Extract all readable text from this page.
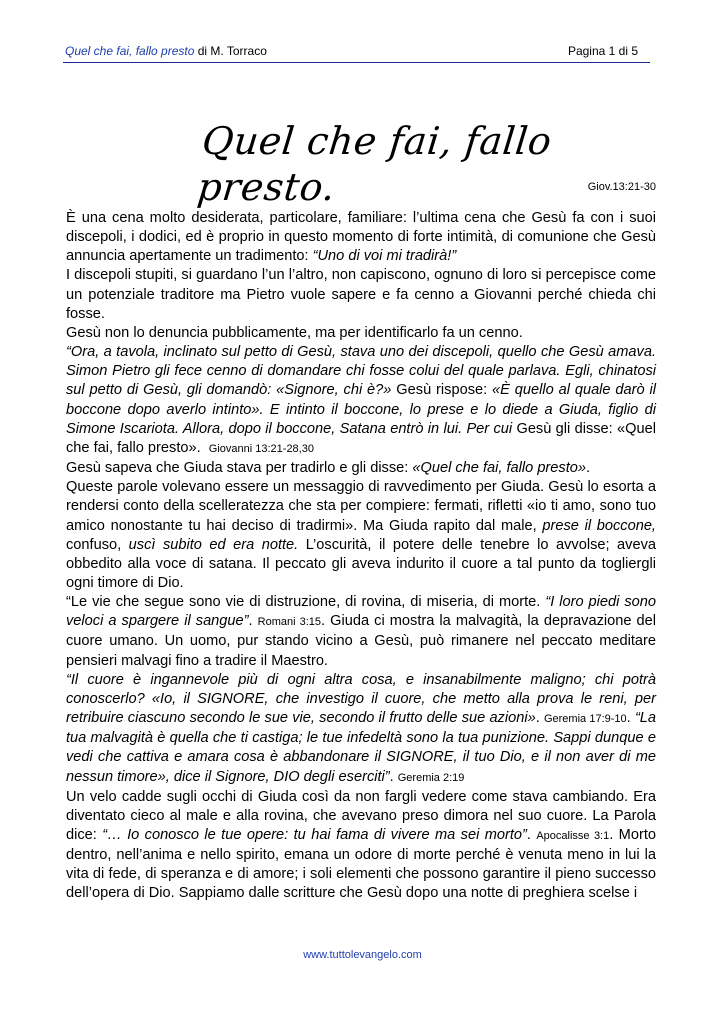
Quel che fai, fallo presto di M. Torraco	Pagina 1 di 5
Quel che fai, fallo presto.	Giov.13:21-30

È una cena molto desiderata, particolare, familiare: l’ultima cena che Gesù fa con i suoi discepoli, i dodici, ed è proprio in questo momento di forte intimità, di comunione che Gesù annuncia apertamente un tradimento: “Uno di voi mi tradirà!”

I discepoli stupiti, si guardano l’un l’altro, non capiscono, ognuno di loro si percepisce come un potenziale traditore ma Pietro vuole sapere e fa cenno a Giovanni perché chieda chi fosse.

Gesù non lo denuncia pubblicamente, ma per identificarlo fa un cenno.

“Ora, a tavola, inclinato sul petto di Gesù, stava uno dei discepoli, quello che Gesù amava. Simon Pietro gli fece cenno di domandare chi fosse colui del quale parlava. Egli, chinatosi sul petto di Gesù, gli domandò: «Signore, chi è?» Gesù rispose: «È quello al quale darò il boccone dopo averlo intinto». E intinto il boccone, lo prese e lo diede a Giuda, figlio di Simone Iscariota. Allora, dopo il boccone, Satana entrò in lui. Per cui Gesù gli disse: «Quel che fai, fallo presto». Giovanni 13:21-28,30

Gesù sapeva che Giuda stava per tradirlo e gli disse: «Quel che fai, fallo presto».

Queste parole volevano essere un messaggio di ravvedimento per Giuda. Gesù lo esorta a rendersi conto della scelleratezza che sta per compiere: fermati, rifletti «io ti amo, sono tuo amico nonostante tu hai deciso di tradirmi». Ma Giuda rapito dal male, prese il boccone, confuso, uscì subito ed era notte. L’oscurità, il potere delle tenebre lo avvolse; aveva obbedito alla voce di satana. Il peccato gli aveva indurito il cuore a tal punto da togliergli ogni timore di Dio.

“Le vie che segue sono vie di distruzione, di rovina, di miseria, di morte. “I loro piedi sono veloci a spargere il sangue”. Romani 3:15. Giuda ci mostra la malvagità, la depravazione del cuore umano. Un uomo, pur stando vicino a Gesù, può rimanere nel peccato meditare pensieri malvagi fino a tradire il Maestro.

“Il cuore è ingannevole più di ogni altra cosa, e insanabilmente maligno; chi potrà conoscerlo? «Io, il SIGNORE, che investigo il cuore, che metto alla prova le reni, per retribuire ciascuno secondo le sue vie, secondo il frutto delle sue azioni». Geremia 17:9-10. “La tua malvagità è quella che ti castiga; le tue infedeltà sono la tua punizione. Sappi dunque e vedi che cattiva e amara cosa è abbandonare il SIGNORE, il tuo Dio, e il non aver di me nessun timore», dice il Signore, DIO degli eserciti”. Geremia 2:19

Un velo cadde sugli occhi di Giuda così da non fargli vedere come stava cambiando. Era diventato cieco al male e alla rovina, che avevano preso dimora nel suo cuore. La Parola dice: “… Io conosco le tue opere: tu hai fama di vivere ma sei morto”. Apocalisse 3:1. Morto dentro, nell’anima e nello spirito, emana un odore di morte perché è venuta meno in lui la vita di fede, di speranza e di amore; i soli elementi che possono garantire il pieno successo dell’opera di Dio. Sappiamo dalle scritture che Gesù dopo una notte di preghiera scelse i

www.tuttolevangelo.com
